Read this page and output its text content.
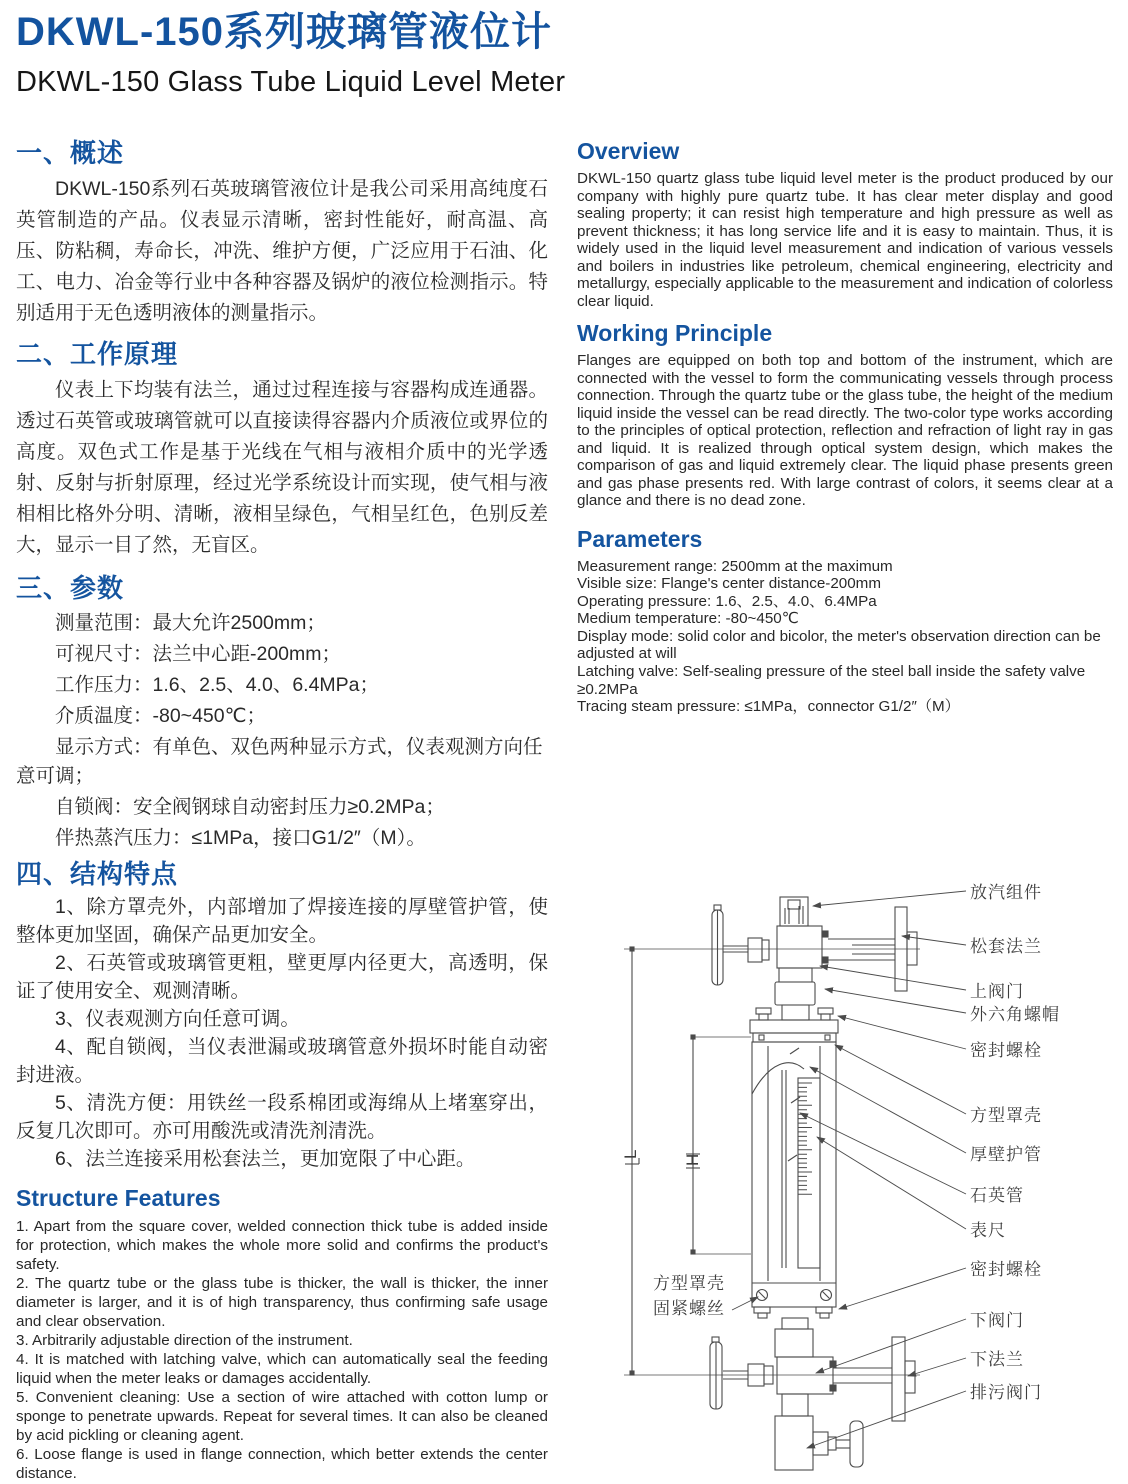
DKWL-150系列玻璃管液位计
DKWL-150 Glass Tube Liquid Level Meter
一、概述

DKWL-150系列石英玻璃管液位计是我公司采用高纯度石英管制造的产品。仪表显示清晰，密封性能好，耐高温、高压、防粘稠，寿命长，冲洗、维护方便，广泛应用于石油、化工、电力、冶金等行业中各种容器及锅炉的液位检测指示。特别适用于无色透明液体的测量指示。

二、工作原理

仪表上下均装有法兰，通过过程连接与容器构成连通器。透过石英管或玻璃管就可以直接读得容器内介质液位或界位的高度。双色式工作是基于光线在气相与液相介质中的光学透射、反射与折射原理，经过光学系统设计而实现，使气相与液相相比格外分明、清晰，液相呈绿色，气相呈红色，色别反差大，显示一目了然，无盲区。

三、参数

测量范围：最大允许2500mm；

可视尺寸：法兰中心距-200mm；

工作压力：1.6、2.5、4.0、6.4MPa；

介质温度：-80~450℃；

显示方式：有单色、双色两种显示方式，仪表观测方向任意可调；

自锁阀：安全阀钢球自动密封压力≥0.2MPa；

伴热蒸汽压力：≤1MPa，接口G1/2″（M）。

四、结构特点

1、除方罩壳外，内部增加了焊接连接的厚壁管护管，使整体更加坚固，确保产品更加安全。

2、石英管或玻璃管更粗，壁更厚内径更大，高透明，保证了使用安全、观测清晰。

3、仪表观测方向任意可调。

4、配自锁阀，当仪表泄漏或玻璃管意外损坏时能自动密封进液。

5、清洗方便：用铁丝一段系棉团或海绵从上堵塞穿出，反复几次即可。亦可用酸洗或清洗剂清洗。

6、法兰连接采用松套法兰，更加宽限了中心距。

Structure Features

1. Apart from the square cover, welded connection thick tube is added inside for protection, which makes the whole more solid and confirms the product's safety.

2. The quartz tube or the glass tube is thicker, the wall is thicker, the inner diameter is larger, and it is of high transparency, thus confirming safe usage and clear observation.

3. Arbitrarily adjustable direction of the instrument.

4. It is matched with latching valve, which can automatically seal the feeding liquid when the meter leaks or damages accidentally.

5. Convenient cleaning: Use a section of wire attached with cotton lump or sponge to penetrate upwards. Repeat for several times. It can also be cleaned by acid pickling or cleaning agent.

6. Loose flange is used in flange connection, which better extends the center distance.

Overview

DKWL-150 quartz glass tube liquid level meter is the product produced by our company with highly pure quartz tube. It has clear meter display and good sealing property; it can resist high temperature and high pressure as well as prevent thickness; it has long service life and it is easy to maintain. Thus, it is widely used in the liquid level measurement and indication of various vessels and boilers in industries like petroleum, chemical engineering, electricity and metallurgy, especially applicable to the measurement and indication of colorless clear liquid.

Working Principle

Flanges are equipped on both top and bottom of the instrument, which are connected with the vessel to form the communicating vessels through process connection. Through the quartz tube or the glass tube, the height of the medium liquid inside the vessel can be read directly. The two-color type works according to the principles of optical protection, reflection and refraction of light ray in gas and liquid. It is realized through optical system design, which makes the comparison of gas and liquid extremely clear. The liquid phase presents green and gas phase presents red. With large contrast of colors, it seems clear at a glance and there is no dead zone.

Parameters

Measurement range: 2500mm at the maximum

Visible size: Flange's center distance-200mm

Operating pressure: 1.6、2.5、4.0、6.4MPa

Medium temperature: -80~450℃

Display mode: solid color and bicolor, the meter's observation direction can be adjusted at will

Latching valve: Self-sealing pressure of the steel ball inside the safety valve ≥0.2MPa

Tracing steam pressure: ≤1MPa，connector G1/2″（M）

放汽组件
松套法兰
上阀门
外六角螺帽
密封螺栓
方型罩壳
厚壁护管
石英管
表尺
密封螺栓
下阀门
下法兰
排污阀门
方型罩壳
固紧螺丝
H
L
